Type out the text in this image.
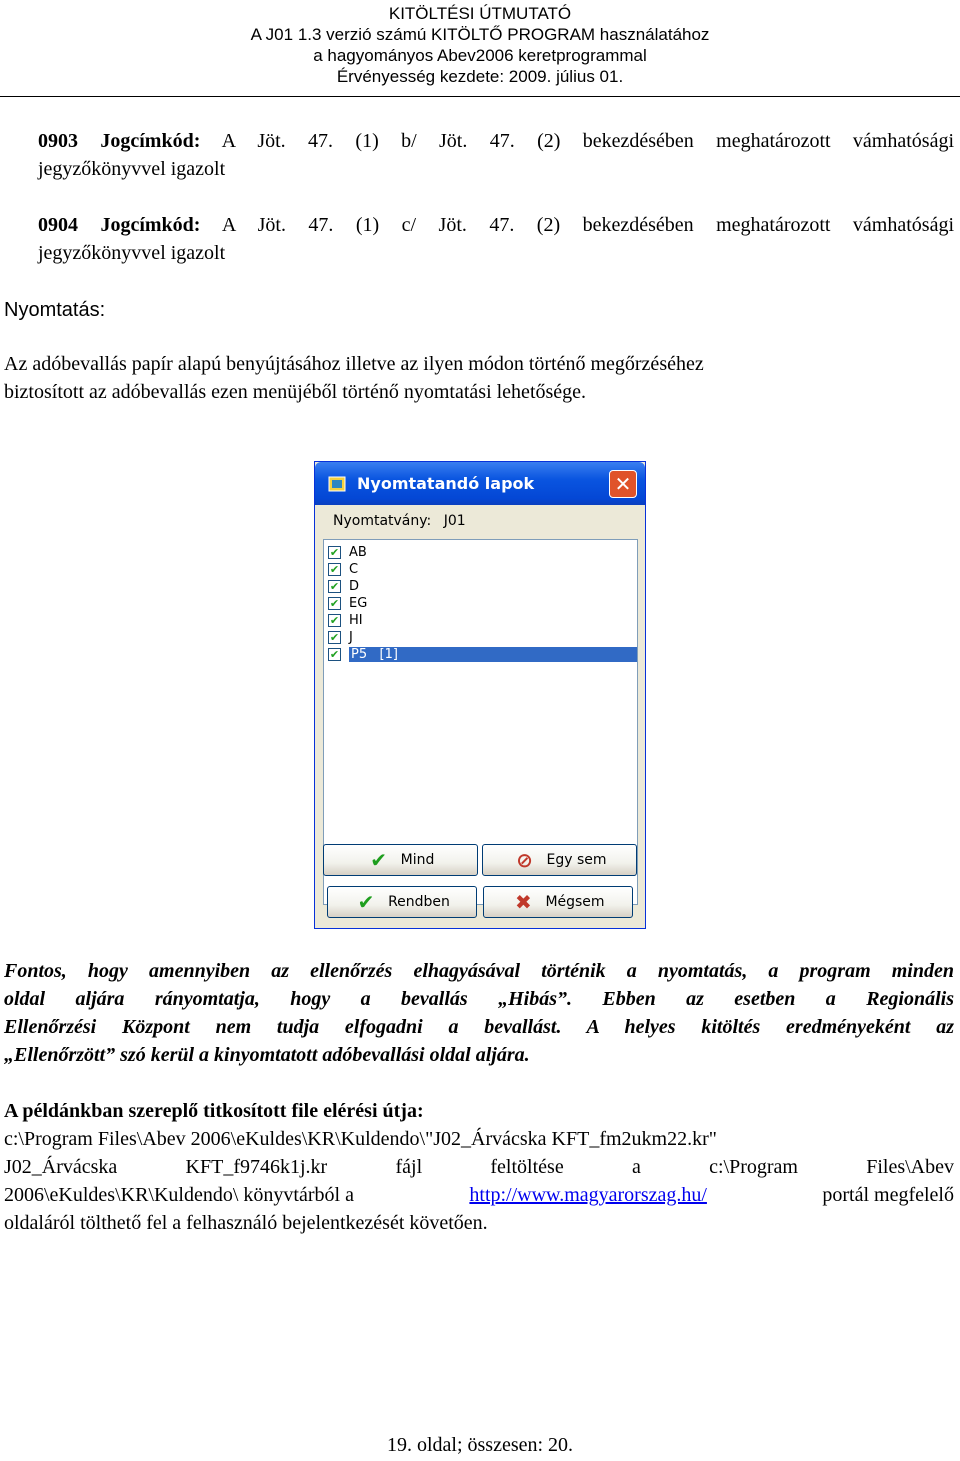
KITÖLTÉSI ÚTMUTATÓ
A J01 1.3 verzió számú KITÖLTŐ PROGRAM használatához
a hagyományos Abev2006 keretprogrammal
Érvényesség kezdete: 2009. július 01.
0903 Jogcímkód: A Jöt. 47. (1) b/ Jöt. 47. (2) bekezdésében meghatározott vámhatósági
jegyzőkönyvvel igazolt
0904 Jogcímkód: A Jöt. 47. (1) c/ Jöt. 47. (2) bekezdésében meghatározott vámhatósági
jegyzőkönyvvel igazolt
Nyomtatás:
Az adóbevallás papír alapú benyújtásához illetve az ilyen módon történő megőrzéséhez
biztosított az adóbevallás ezen menüjéből történő nyomtatási lehetősége.
Nyomtatandó lapok	✕
Nyomtatvány: J01
✔ AB
✔ C
✔ D
✔ EG
✔ HI
✔ J
✔ P5   [1]
✔ Mind	⊘ Egy sem
✔ Rendben	✖ Mégsem
Fontos, hogy amennyiben az ellenőrzés elhagyásával történik a nyomtatás, a program minden
oldal aljára rányomtatja, hogy a bevallás „Hibás”. Ebben az esetben a Regionális
Ellenőrzési Központ nem tudja elfogadni a bevallást. A helyes kitöltés eredményeként az
„Ellenőrzött” szó kerül a kinyomtatott adóbevallási oldal aljára.
A példánkban szereplő titkosított file elérési útja:
c:\Program Files\Abev 2006\eKuldes\KR\Kuldendo\"J02_Árvácska KFT_fm2ukm22.kr"
J02_Árvácska KFT_f9746k1j.kr fájl feltöltése a c:\Program Files\Abev
2006\eKuldes\KR\Kuldendo\ könyvtárból a	http://www.magyarorszag.hu/	portál megfelelő
oldaláról tölthető fel a felhasználó bejelentkezését követően.
19. oldal; összesen: 20.
